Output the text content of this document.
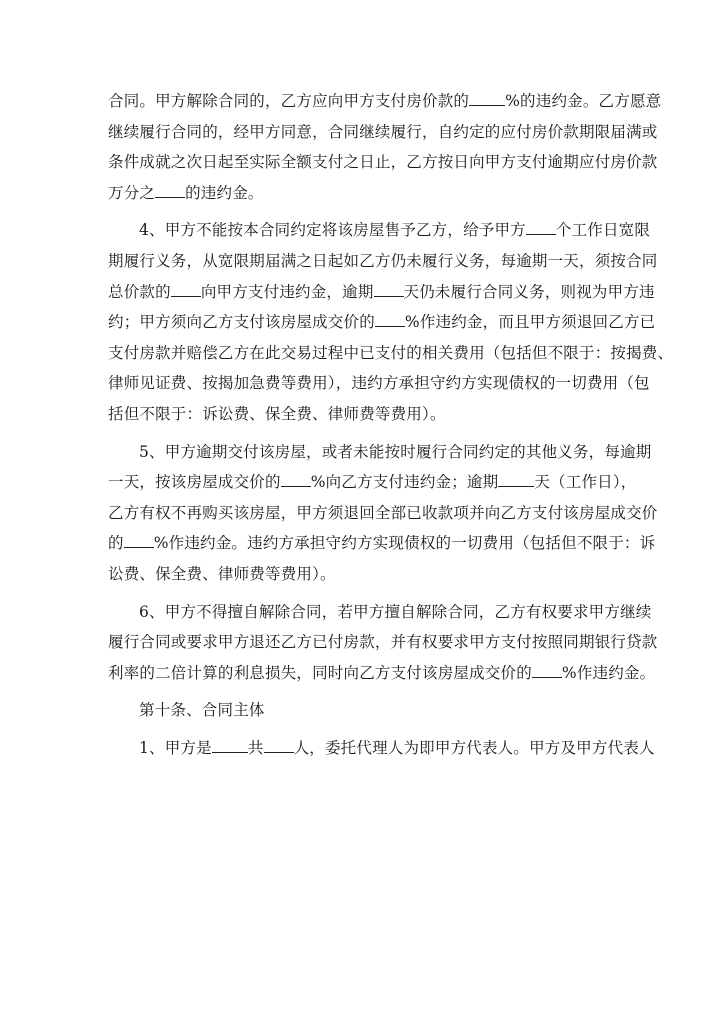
合同。甲方解除合同的，乙方应向甲方支付房价款的 %的违约金。乙方愿意
继续履行合同的，经甲方同意，合同继续履行，自约定的应付房价款期限届满或
条件成就之次日起至实际全额支付之日止，乙方按日向甲方支付逾期应付房价款
万分之 的违约金。

4、甲方不能按本合同约定将该房屋售予乙方，给予甲方 个工作日宽限
期履行义务，从宽限期届满之日起如乙方仍未履行义务，每逾期一天，须按合同
总价款的 向甲方支付违约金，逾期 天仍未履行合同义务，则视为甲方违
约；甲方须向乙方支付该房屋成交价的 %作违约金，而且甲方须退回乙方已
支付房款并赔偿乙方在此交易过程中已支付的相关费用（包括但不限于：按揭费、
律师见证费、按揭加急费等费用），违约方承担守约方实现债权的一切费用（包
括但不限于：诉讼费、保全费、律师费等费用）。

5、甲方逾期交付该房屋，或者未能按时履行合同约定的其他义务，每逾期
一天，按该房屋成交价的 %向乙方支付违约金；逾期 天（工作日），
乙方有权不再购买该房屋，甲方须退回全部已收款项并向乙方支付该房屋成交价
的 %作违约金。违约方承担守约方实现债权的一切费用（包括但不限于：诉
讼费、保全费、律师费等费用）。

6、甲方不得擅自解除合同，若甲方擅自解除合同，乙方有权要求甲方继续
履行合同或要求甲方退还乙方已付房款，并有权要求甲方支付按照同期银行贷款
利率的二倍计算的利息损失，同时向乙方支付该房屋成交价的 %作违约金。

第十条、合同主体

1、甲方是 共 人，委托代理人为即甲方代表人。甲方及甲方代表人
